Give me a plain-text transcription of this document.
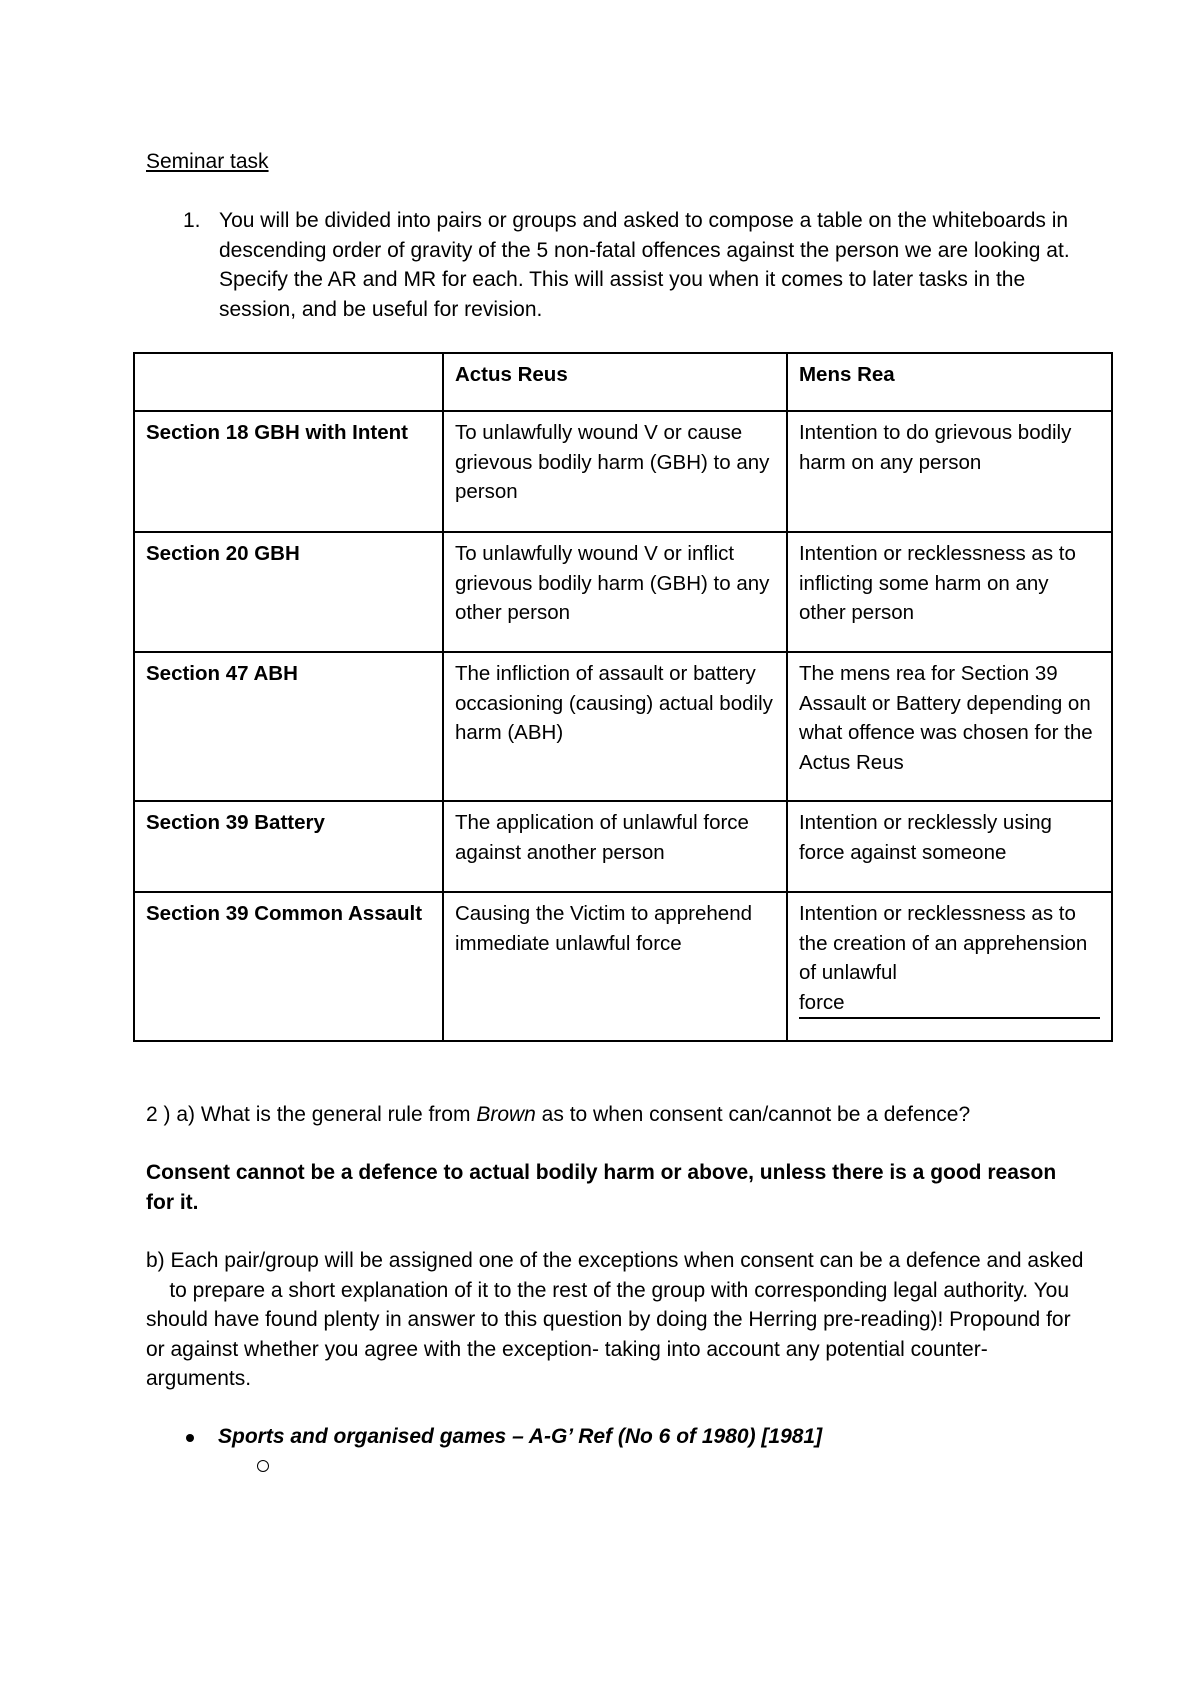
Seminar task
1. You will be divided into pairs or groups and asked to compose a table on the whiteboards in descending order of gravity of the 5 non-fatal offences against the person we are looking at. Specify the AR and MR for each. This will assist you when it comes to later tasks in the session, and be useful for revision.
	Actus Reus	Mens Rea
Section 18 GBH with Intent	To unlawfully wound V or cause grievous bodily harm (GBH) to any person	Intention to do grievous bodily harm on any person
Section 20 GBH	To unlawfully wound V or inflict grievous bodily harm (GBH) to any other person	Intention or recklessness as to inflicting some harm on any other person
Section 47 ABH	The infliction of assault or battery occasioning (causing) actual bodily harm (ABH)	The mens rea for Section 39 Assault or Battery depending on what offence was chosen for the Actus Reus
Section 39 Battery	The application of unlawful force against another person	Intention or recklessly using force against someone
Section 39 Common Assault	Causing the Victim to apprehend immediate unlawful force	Intention or recklessness as to the creation of an apprehension of unlawful
force
2 ) a) What is the general rule from Brown as to when consent can/cannot be a defence?
Consent cannot be a defence to actual bodily harm or above, unless there is a good reason for it.
b) Each pair/group will be assigned one of the exceptions when consent can be a defence and asked     to prepare a short explanation of it to the rest of the group with corresponding legal authority. You should have found plenty in answer to this question by doing the Herring pre-reading)! Propound for or against whether you agree with the exception- taking into account any potential counter-arguments.
Sports and organised games – A-G’ Ref (No 6 of 1980) [1981]
